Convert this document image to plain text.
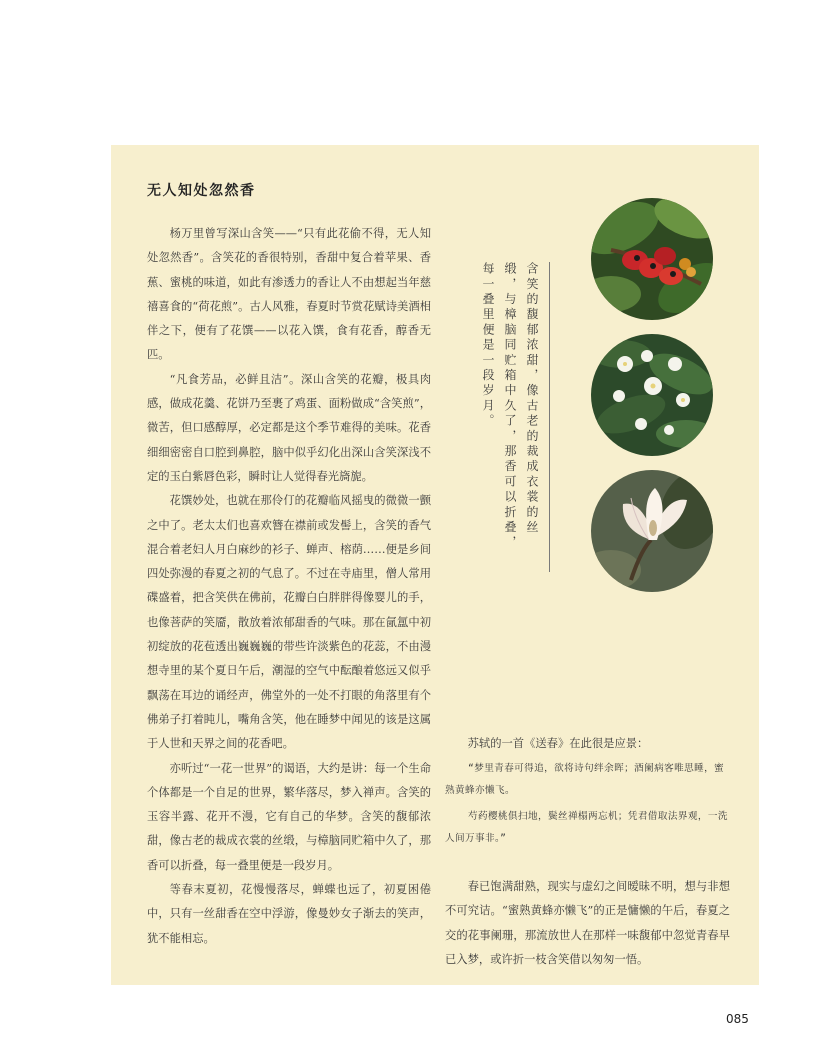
无人知处忽然香

杨万里曾写深山含笑——“只有此花偷不得，无人知处忽然香”。含笑花的香很特别，香甜中复合着苹果、香蕉、蜜桃的味道，如此有渗透力的香让人不由想起当年慈禧喜食的“荷花煎”。古人风雅，春夏时节赏花赋诗美酒相伴之下，便有了花馔——以花入馔，食有花香，醇香无匹。

“凡食芳品，必鲜且洁”。深山含笑的花瓣，极具肉感，做成花羹、花饼乃至裹了鸡蛋、面粉做成“含笑煎”，微苦，但口感醇厚，必定都是这个季节难得的美味。花香细细密密自口腔到鼻腔，脑中似乎幻化出深山含笑深浅不定的玉白紫唇色彩，瞬时让人觉得春光旖旎。

花馔妙处，也就在那伶仃的花瓣临风摇曳的微微一颤之中了。老太太们也喜欢簪在襟前或发髻上，含笑的香气混合着老妇人月白麻纱的衫子、蝉声、榕荫……便是乡间四处弥漫的春夏之初的气息了。不过在寺庙里，僧人常用碟盛着，把含笑供在佛前，花瓣白白胖胖得像婴儿的手，也像菩萨的笑靥，散放着浓郁甜香的气味。那在氤氲中初初绽放的花苞透出巍巍巍的带些许淡紫色的花蕊，不由漫想寺里的某个夏日午后，潮湿的空气中酝酿着悠远又似乎飘荡在耳边的诵经声，佛堂外的一处不打眼的角落里有个佛弟子打着盹儿，嘴角含笑，他在睡梦中闻见的该是这属于人世和天界之间的花香吧。

亦听过“一花一世界”的谒语，大约是讲：每一个生命个体都是一个自足的世界，繁华落尽，梦入禅声。含笑的玉容半露、花开不漫，它有自己的华梦。含笑的馥郁浓甜，像古老的裁成衣裳的丝缎，与樟脑同贮箱中久了，那香可以折叠，每一叠里便是一段岁月。

等春末夏初，花慢慢落尽，蝉蝶也远了，初夏困倦中，只有一丝甜香在空中浮游，像曼妙女子渐去的笑声，犹不能相忘。

含笑的馥郁浓甜，像古老的裁成衣裳的丝
缎，与樟脑同贮箱中久了，那香可以折叠，
每一叠里便是一段岁月。

苏轼的一首《送春》在此很是应景：

“梦里青春可得追，欲将诗句绊余晖；酒阑病客唯思睡，蜜熟黄蜂亦懒飞。

芍药樱桃俱扫地，鬓丝禅榻两忘机；凭君借取法界观，一洗人间万事非。”

春已饱满甜熟，现实与虚幻之间暧昧不明，想与非想不可究诘。“蜜熟黄蜂亦懒飞”的正是慵懒的午后，春夏之交的花事阑珊，那流放世人在那样一味馥郁中忽觉青春早已入梦，或许折一枝含笑借以匆匆一悟。

085
